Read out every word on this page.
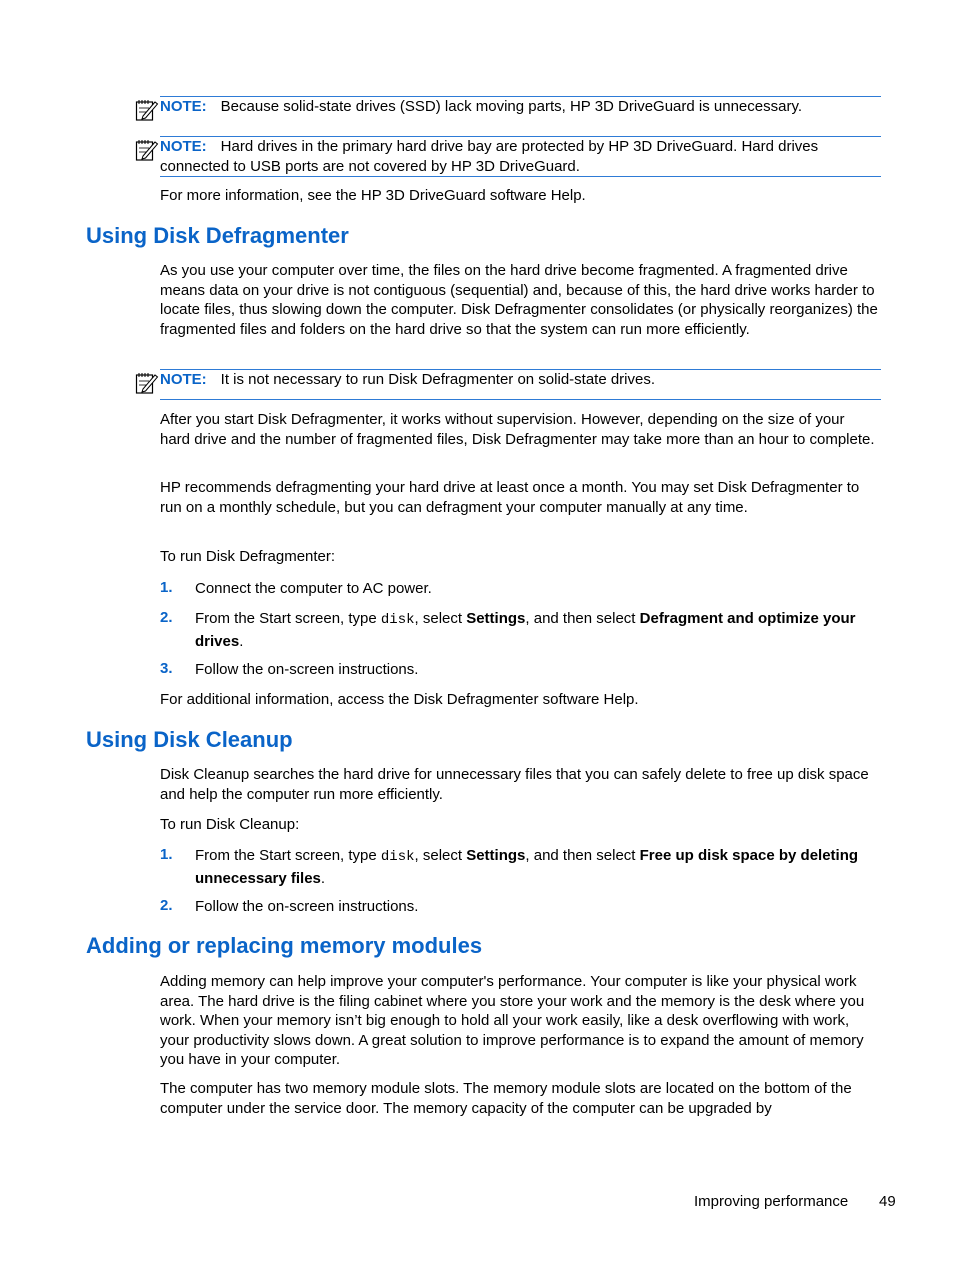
NOTE: Because solid-state drives (SSD) lack moving parts, HP 3D DriveGuard is unnecessary.
NOTE: Hard drives in the primary hard drive bay are protected by HP 3D DriveGuard. Hard drives connected to USB ports are not covered by HP 3D DriveGuard.

For more information, see the HP 3D DriveGuard software Help.

Using Disk Defragmenter

As you use your computer over time, the files on the hard drive become fragmented. A fragmented drive means data on your drive is not contiguous (sequential) and, because of this, the hard drive works harder to locate files, thus slowing down the computer. Disk Defragmenter consolidates (or physically reorganizes) the fragmented files and folders on the hard drive so that the system can run more efficiently.

NOTE: It is not necessary to run Disk Defragmenter on solid-state drives.

After you start Disk Defragmenter, it works without supervision. However, depending on the size of your hard drive and the number of fragmented files, Disk Defragmenter may take more than an hour to complete.

HP recommends defragmenting your hard drive at least once a month. You may set Disk Defragmenter to run on a monthly schedule, but you can defragment your computer manually at any time.

To run Disk Defragmenter:

1. Connect the computer to AC power.
2. From the Start screen, type disk, select Settings, and then select Defragment and optimize your drives.
3. Follow the on-screen instructions.

For additional information, access the Disk Defragmenter software Help.

Using Disk Cleanup

Disk Cleanup searches the hard drive for unnecessary files that you can safely delete to free up disk space and help the computer run more efficiently.

To run Disk Cleanup:

1. From the Start screen, type disk, select Settings, and then select Free up disk space by deleting unnecessary files.
2. Follow the on-screen instructions.
Adding or replacing memory modules

Adding memory can help improve your computer's performance. Your computer is like your physical work area. The hard drive is the filing cabinet where you store your work and the memory is the desk where you work. When your memory isn’t big enough to hold all your work easily, like a desk overflowing with work, your productivity slows down. A great solution to improve performance is to expand the amount of memory you have in your computer.

The computer has two memory module slots. The memory module slots are located on the bottom of the computer under the service door. The memory capacity of the computer can be upgraded by

Improving performance 49
